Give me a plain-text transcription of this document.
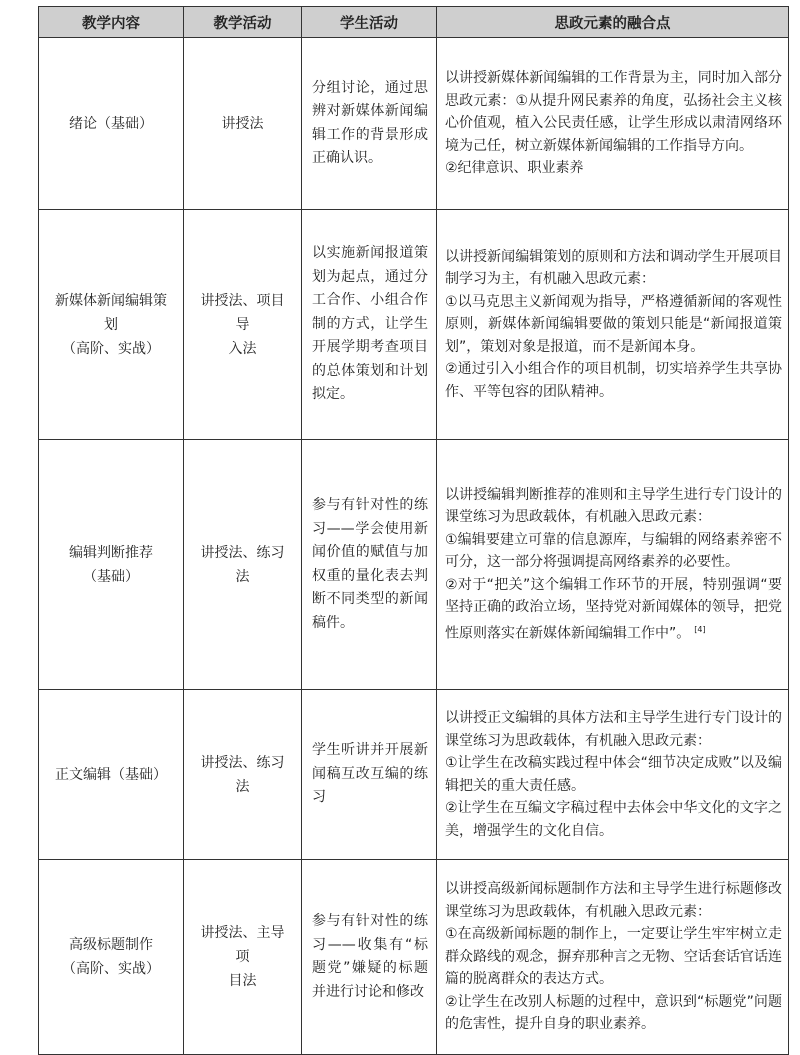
教学内容	教学活动	学生活动	思政元素的融合点

绪论（基础）	讲授法	分组讨论，通过思辨对新媒体新闻编辑工作的背景形成正确认识。	以讲授新媒体新闻编辑的工作背景为主，同时加入部分思政元素：①从提升网民素养的角度，弘扬社会主义核心价值观，植入公民责任感，让学生形成以肃清网络环境为己任，树立新媒体新闻编辑的工作指导方向。
②纪律意识、职业素养

新媒体新闻编辑策划
（高阶、实战）	讲授法、项目导
入法	以实施新闻报道策划为起点，通过分工合作、小组合作制的方式，让学生开展学期考查项目的总体策划和计划拟定。	以讲授新闻编辑策划的原则和方法和调动学生开展项目制学习为主，有机融入思政元素：
①以马克思主义新闻观为指导，严格遵循新闻的客观性原则，新媒体新闻编辑要做的策划只能是“新闻报道策划”，策划对象是报道，而不是新闻本身。
②通过引入小组合作的项目机制，切实培养学生共享协作、平等包容的团队精神。

编辑判断推荐
（基础）	讲授法、练习法	参与有针对性的练习——学会使用新闻价值的赋值与加权重的量化表去判断不同类型的新闻稿件。	以讲授编辑判断推荐的准则和主导学生进行专门设计的课堂练习为思政载体，有机融入思政元素：
①编辑要建立可靠的信息源库，与编辑的网络素养密不可分，这一部分将强调提高网络素养的必要性。
②对于“把关”这个编辑工作环节的开展，特别强调“要坚持正确的政治立场，坚持党对新闻媒体的领导，把党性原则落实在新媒体新闻编辑工作中”。 [4]

正文编辑（基础）	讲授法、练习法	学生听讲并开展新闻稿互改互编的练习	以讲授正文编辑的具体方法和主导学生进行专门设计的课堂练习为思政载体，有机融入思政元素：
①让学生在改稿实践过程中体会“细节决定成败”以及编辑把关的重大责任感。
②让学生在互编文字稿过程中去体会中华文化的文字之美，增强学生的文化自信。

高级标题制作
（高阶、实战）	讲授法、主导项
目法	参与有针对性的练习——收集有“标题党”嫌疑的标题并进行讨论和修改	以讲授高级新闻标题制作方法和主导学生进行标题修改课堂练习为思政载体，有机融入思政元素：
①在高级新闻标题的制作上，一定要让学生牢牢树立走群众路线的观念，摒弃那种言之无物、空话套话官话连篇的脱离群众的表达方式。
②让学生在改别人标题的过程中，意识到“标题党”问题的危害性，提升自身的职业素养。
